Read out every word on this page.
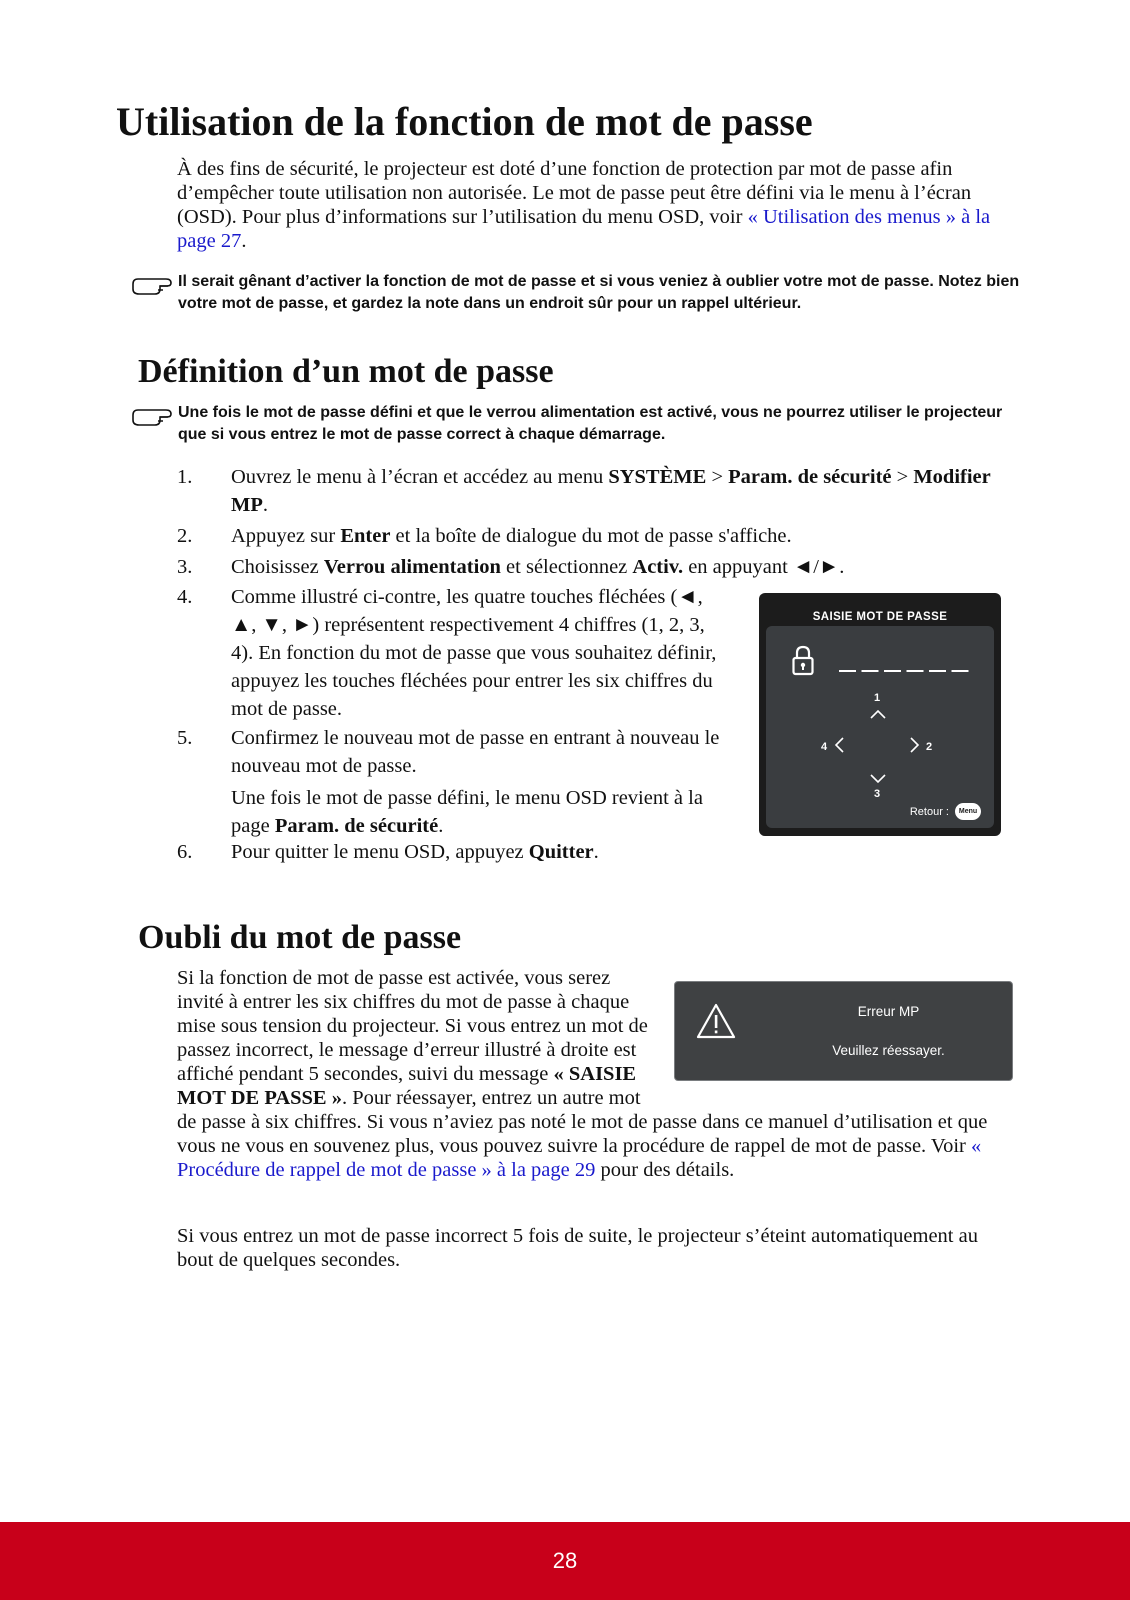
Utilisation de la fonction de mot de passe

À des fins de sécurité, le projecteur est doté d’une fonction de protection par mot de passe afin d’empêcher toute utilisation non autorisée. Le mot de passe peut être défini via le menu à l’écran (OSD). Pour plus d’informations sur l’utilisation du menu OSD, voir « Utilisation des menus » à la page 27.

Il serait gênant d’activer la fonction de mot de passe et si vous veniez à oublier votre mot de passe. Notez bien votre mot de passe, et gardez la note dans un endroit sûr pour un rappel ultérieur.
Définition d’un mot de passe
Une fois le mot de passe défini et que le verrou alimentation est activé, vous ne pourrez utiliser le projecteur que si vous entrez le mot de passe correct à chaque démarrage.
1. Ouvrez le menu à l’écran et accédez au menu SYSTÈME > Param. de sécurité > Modifier MP.
2. Appuyez sur Enter et la boîte de dialogue du mot de passe s'affiche.
3. Choisissez Verrou alimentation et sélectionnez Activ. en appuyant ◄/►.
4. Comme illustré ci-contre, les quatre touches fléchées (◄, ▲, ▼, ►) représentent respectivement 4 chiffres (1, 2, 3, 4). En fonction du mot de passe que vous souhaitez définir, appuyez les touches fléchées pour entrer les six chiffres du mot de passe.
5. Confirmez le nouveau mot de passe en entrant à nouveau le nouveau mot de passe.
Une fois le mot de passe défini, le menu OSD revient à la page Param. de sécurité.
6. Pour quitter le menu OSD, appuyez Quitter.
SAISIE MOT DE PASSE
1
4	2
3
Retour :	Menu
Oubli du mot de passe
Si la fonction de mot de passe est activée, vous serez invité à entrer les six chiffres du mot de passe à chaque mise sous tension du projecteur. Si vous entrez un mot de passez incorrect, le message d’erreur illustré à droite est affiché pendant 5 secondes, suivi du message « SAISIE MOT DE PASSE ». Pour réessayer, entrez un autre mot de passe à six chiffres. Si vous n’aviez pas noté le mot de passe dans ce manuel d’utilisation et que vous ne vous en souvenez plus, vous pouvez suivre la procédure de rappel de mot de passe. Voir « Procédure de rappel de mot de passe » à la page 29 pour des détails.

Si vous entrez un mot de passe incorrect 5 fois de suite, le projecteur s’éteint automatiquement au bout de quelques secondes.

Erreur MP
Veuillez réessayer.
28
